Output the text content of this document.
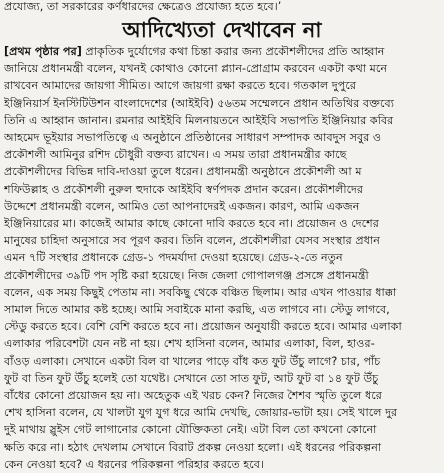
প্রযোজ্য, তা সরকারের কর্ণধারদের ক্ষেত্রেও প্রযোজ্য হতে হবে।’
আদিখ্যেতা দেখাবেন না
[প্রথম পৃষ্ঠার পর] প্রাকৃতিক দুর্যোগের কথা চিন্তা করার জন্য প্রকৌশলীদের প্রতি আহ্বান
জানিয়ে প্রধানমন্ত্রী বলেন, যখনই কোথাও কোনো প্ল্যান-প্রোগ্রাম করবেন একটা কথা মনে
রাখবেন আমাদের জায়গা সীমিত। আগে জায়গা রক্ষা করতে হবে। গতকাল দুপুরে
ইঞ্জিনিয়ার্স ইনস্টিটিউশন বাংলাদেশের (আইইবি) ৫৬তম সম্মেলনে প্রধান অতিথির বক্তব্যে
তিনি এ আহ্বান জানান। রমনার আইইবি মিলনায়তনে আইইবি সভাপতি ইঞ্জিনিয়ার কবির
আহমেদ ভূইয়ার সভাপতিত্বে এ অনুষ্ঠানে প্রতিষ্ঠানের সাধারণ সম্পাদক আবদুস সবুর ও
প্রকৌশলী আমিনুর রশিদ চৌধুরী বক্তব্য রাখেন। এ সময় তারা প্রধানমন্ত্রীর কাছে
প্রকৌশলীদের বিভিন্ন দাবি-দাওয়া তুলে ধরেন। প্রধানমন্ত্রী অনুষ্ঠানে প্রকৌশলী আ ম
শফিউল্লাহ ও প্রকৌশলী নুরুল হুদাকে আইইবি স্বর্ণপদক প্রদান করেন। প্রকৌশলীদের
উদ্দেশে প্রধানমন্ত্রী বলেন, আমিও তো আপনাদেরই একজন। কারণ, আমি একজন
ইঞ্জিনিয়ারের মা। কাজেই আমার কাছে কোনো দাবি করতে হবে না। প্রয়োজন ও দেশের
মানুষের চাহিদা অনুসারে সব পূরণ করব। তিনি বলেন, প্রকৌশলীরা যেসব সংস্থার প্রধান
এমন ৭টি সংস্থার প্রধানকে গ্রেড-১ পদমর্যাদা দেওয়া হয়েছে। গ্রেড-২-তে নতুন
প্রকৌশলীদের ৩৯টি পদ সৃষ্টি করা হয়েছে। নিজ জেলা গোপালগঞ্জ প্রসঙ্গে প্রধানমন্ত্রী
বলেন, এক সময় কিছুই পেতাম না। সবকিছু থেকে বঞ্চিত ছিলাম। আর এখন পাওয়ার ধাক্কা
সামাল দিতে আমার কষ্ট হচ্ছে। আমি সবাইকে মানা করছি, এত লাগবে না। স্টেডু লাগবে,
স্টেডু করতে হবে। বেশি বেশি করতে হবে না। প্রয়োজন অনুযায়ী করতে হবে। আমার এলাকা
এলাকার পরিবেশটা যেন নষ্ট না হয়। শেখ হাসিনা বলেন, আমার এলাকা, বিল, হাওর-
বাঁওড় এলাকা। সেখানে একটা বিল বা খালের পাড়ে বাঁধ কত ফুট উঁচু লাগে? চার, পাঁচ
ফুট বা তিন ফুট উঁচু হলেই তো যথেষ্ট। সেখানে তো সাত ফুট, আট ফুট বা ১৪ ফুট উঁচু
বাঁধের কোনো প্রয়োজন হয় না। অহেতুক এই খরচ কেন? নিজের শৈশব স্মৃতি তুলে ধরে
শেখ হাসিনা বলেন, যে খালটা যুগ যুগ ধরে আমি দেখছি, জোয়ার-ভাটা হয়। সেই খালে দুর
দুই মাথায় স্লুইস গেট লাগানোর কোনো যৌক্তিকতা নেই। এটা বিল তো কখনো কোনো
ক্ষতি করে না। হঠাৎ দেখলাম সেখানে বিরাট প্রকল্প নেওয়া হলো। এই ধরনের পরিকল্পনা
কেন নেওয়া হবে? এ ধরনের পরিকল্পনা পরিহার করতে হবে।
